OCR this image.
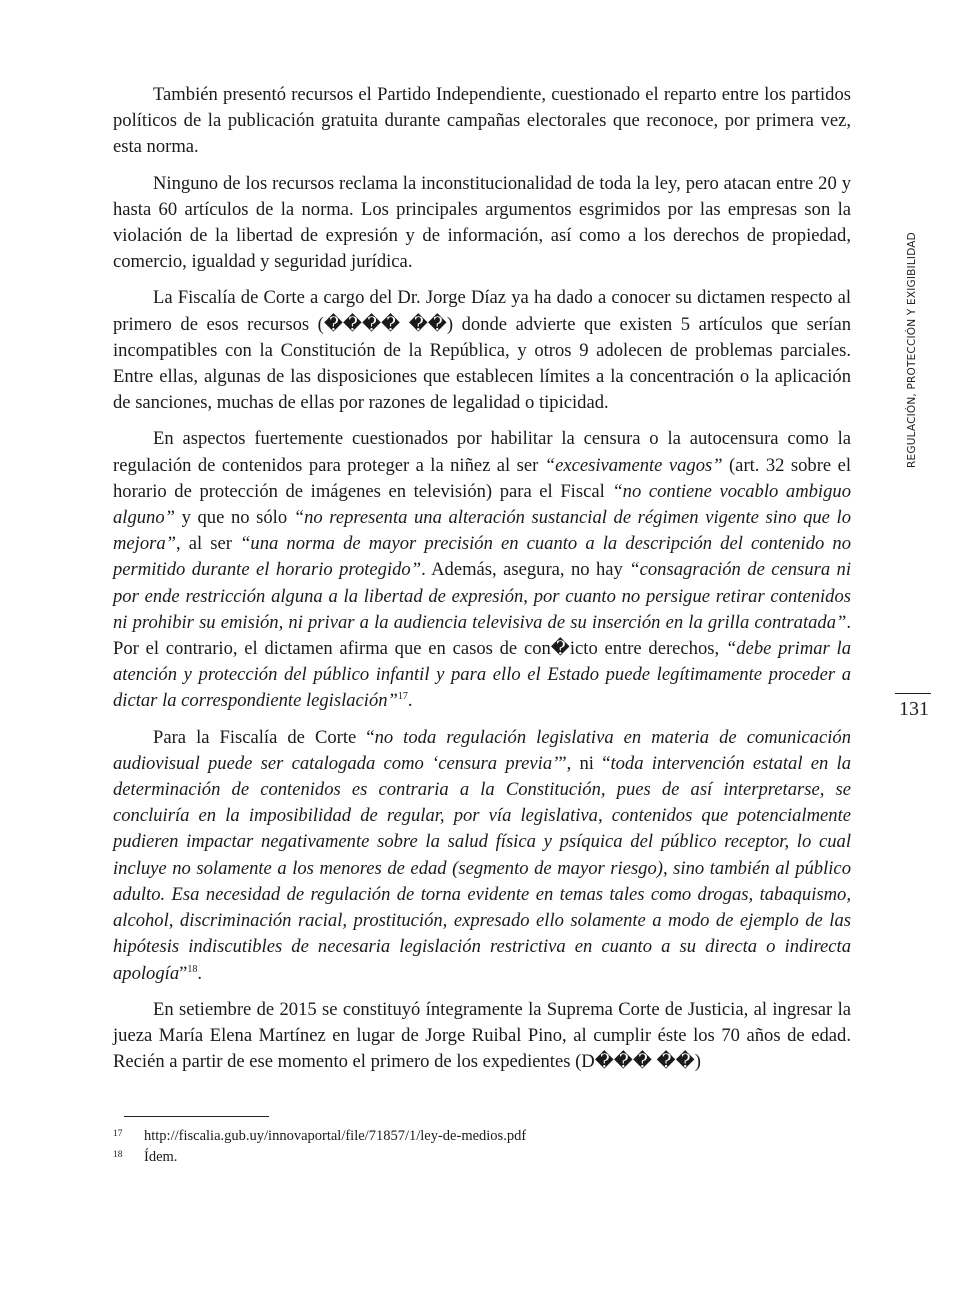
También presentó recursos el Partido Independiente, cuestionado el reparto entre los partidos políticos de la publicación gratuita durante campañas electorales que reconoce, por primera vez, esta norma.

Ninguno de los recursos reclama la inconstitucionalidad de toda la ley, pero atacan entre 20 y hasta 60 artículos de la norma. Los principales argumentos esgrimidos por las empresas son la violación de la libertad de expresión y de información, así como a los derechos de propiedad, comercio, igualdad y seguridad jurídica.

La Fiscalía de Corte a cargo del Dr. Jorge Díaz ya ha dado a conocer su dictamen respecto al primero de esos recursos (���� ��) donde advierte que existen 5 artículos que serían incompatibles con la Constitución de la República, y otros 9 adolecen de problemas parciales. Entre ellas, algunas de las disposiciones que establecen límites a la concentración o la aplicación de sanciones, muchas de ellas por razones de legalidad o tipicidad.

En aspectos fuertemente cuestionados por habilitar la censura o la autocensura como la regulación de contenidos para proteger a la niñez al ser “excesivamente vagos” (art. 32 sobre el horario de protección de imágenes en televisión) para el Fiscal “no contiene vocablo ambiguo alguno” y que no sólo “no representa una alteración sustancial de régimen vigente sino que lo mejora”, al ser “una norma de mayor precisión en cuanto a la descripción del contenido no permitido durante el horario protegido”. Además, asegura, no hay “consagración de censura ni por ende restricción alguna a la libertad de expresión, por cuanto no persigue retirar contenidos ni prohibir su emisión, ni privar a la audiencia televisiva de su inserción en la grilla contratada”. Por el contrario, el dictamen afirma que en casos de con�icto entre derechos, “debe primar la atención y protección del público infantil y para ello el Estado puede legítimamente proceder a dictar la correspondiente legislación”$^{17}$.

Para la Fiscalía de Corte “no toda regulación legislativa en materia de comunicación audiovisual puede ser catalogada como ‘censura previa’”, ni “toda intervención estatal en la determinación de contenidos es contraria a la Constitución, pues de así interpretarse, se concluiría en la imposibilidad de regular, por vía legislativa, contenidos que potencialmente pudieren impactar negativamente sobre la salud física y psíquica del público receptor, lo cual incluye no solamente a los menores de edad (segmento de mayor riesgo), sino también al público adulto. Esa necesidad de regulación de torna evidente en temas tales como drogas, tabaquismo, alcohol, discriminación racial, prostitución, expresado ello solamente a modo de ejemplo de las hipótesis indiscutibles de necesaria legislación restrictiva en cuanto a su directa o indirecta apología”$^{18}$.

En setiembre de 2015 se constituyó íntegramente la Suprema Corte de Justicia, al ingresar la jueza María Elena Martínez en lugar de Jorge Ruibal Pino, al cumplir éste los 70 años de edad. Recién a partir de ese momento el primero de los expedientes (D��� ��)

REGULACIÓN, PROTECCIÓN Y EXIGIBILIDAD
131
17 http://fiscalia.gub.uy/innovaportal/file/71857/1/ley-de-medios.pdf
18 Ídem.
